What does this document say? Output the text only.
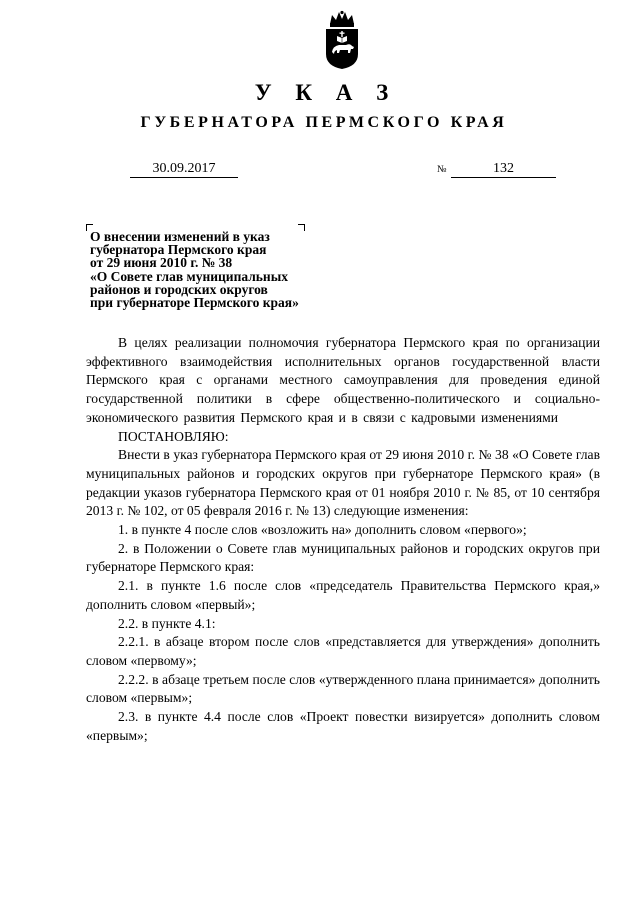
У К А З
ГУБЕРНАТОРА ПЕРМСКОГО КРАЯ
30.09.2017	№	132
О внесении изменений в указ
губернатора Пермского края
от 29 июня 2010 г. № 38
«О Совете глав муниципальных
районов и городских округов
при губернаторе Пермского края»

В целях реализации полномочия губернатора Пермского края по организации эффективного взаимодействия исполнительных органов государственной власти Пермского края с органами местного самоуправления для проведения единой государственной политики в сфере общественно-политического и социально-экономического развития Пермского края и в связи с кадровыми изменениями

ПОСТАНОВЛЯЮ:

Внести в указ губернатора Пермского края от 29 июня 2010 г. № 38 «О Совете глав муниципальных районов и городских округов при губернаторе Пермского края» (в редакции указов губернатора Пермского края от 01 ноября 2010 г. № 85, от 10 сентября 2013 г. № 102, от 05 февраля 2016 г. № 13) следующие изменения:

1. в пункте 4 после слов «возложить на» дополнить словом «первого»;

2. в Положении о Совете глав муниципальных районов и городских округов при губернаторе Пермского края:

2.1. в пункте 1.6 после слов «председатель Правительства Пермского края,» дополнить словом «первый»;

2.2. в пункте 4.1:

2.2.1. в абзаце втором после слов «представляется для утверждения» дополнить словом «первому»;

2.2.2. в абзаце третьем после слов «утвержденного плана принимается» дополнить словом «первым»;

2.3. в пункте 4.4 после слов «Проект повестки визируется» дополнить словом «первым»;
